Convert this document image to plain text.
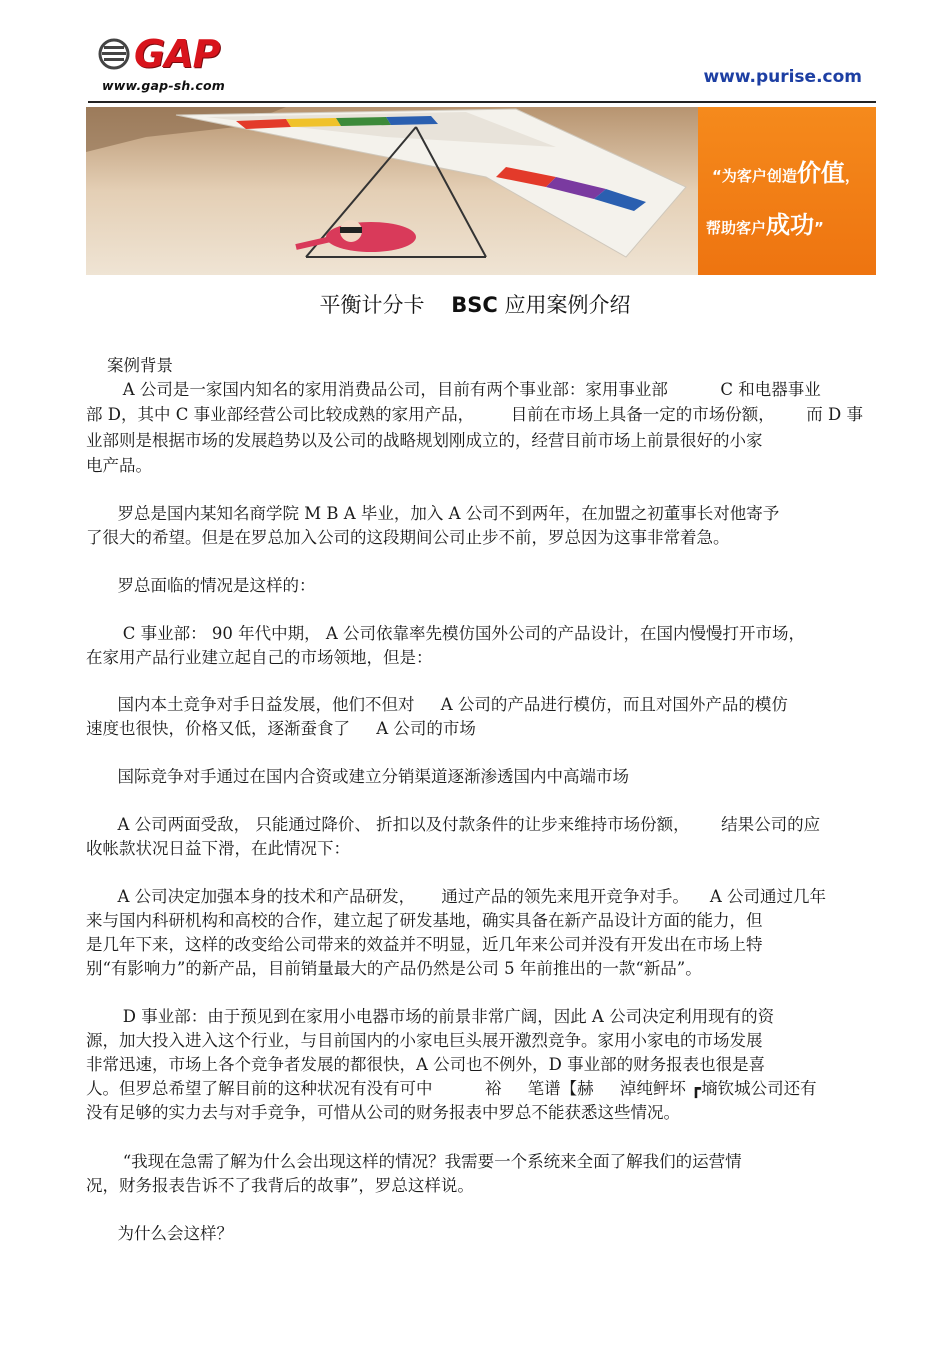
GAP
www.gap-sh.com	www.purise.com
“为客户创造价值，
帮助客户成功”
平衡计分卡    BSC 应用案例介绍
案例背景
A 公司是一家国内知名的家用消费品公司，目前有两个事业部：家用事业部          C 和电器事业
部 D，其中 C 事业部经营公司比较成熟的家用产品，       目前在市场上具备一定的市场份额，      而 D 事
业部则是根据市场的发展趋势以及公司的战略规划刚成立的，经营目前市场上前景很好的小家
电产品。
罗总是国内某知名商学院 M B A 毕业，加入 A 公司不到两年，在加盟之初董事长对他寄予
了很大的希望。但是在罗总加入公司的这段期间公司止步不前，罗总因为这事非常着急。
罗总面临的情况是这样的：
C 事业部： 90 年代中期， A 公司依靠率先模仿国外公司的产品设计，在国内慢慢打开市场，
在家用产品行业建立起自己的市场领地，但是：
国内本土竞争对手日益发展，他们不但对     A 公司的产品进行模仿，而且对国外产品的模仿
速度也很快，价格又低，逐渐蚕食了     A 公司的市场
国际竞争对手通过在国内合资或建立分销渠道逐渐渗透国内中高端市场
A 公司两面受敌， 只能通过降价、 折扣以及付款条件的让步来维持市场份额，      结果公司的应
收帐款状况日益下滑，在此情况下：
A 公司决定加强本身的技术和产品研发，     通过产品的领先来甩开竞争对手。    A 公司通过几年
来与国内科研机构和高校的合作，建立起了研发基地，确实具备在新产品设计方面的能力，但
是几年下来，这样的改变给公司带来的效益并不明显，近几年来公司并没有开发出在市场上特
别“有影响力”的新产品，目前销量最大的产品仍然是公司 5 年前推出的一款“新品”。
D 事业部：由于预见到在家用小电器市场的前景非常广阔，因此 A 公司决定利用现有的资
源，加大投入进入这个行业，与目前国内的小家电巨头展开激烈竞争。家用小家电的市场发展
非常迅速，市场上各个竞争者发展的都很快，A 公司也不例外，D 事业部的财务报表也很是喜
人。但罗总希望了解目前的这种状况有没有可中          裕     笔谱【赫     淖纯鲆坏 ┏墒钦城公司还有
没有足够的实力去与对手竞争，可惜从公司的财务报表中罗总不能获悉这些情况。
“我现在急需了解为什么会出现这样的情况？我需要一个系统来全面了解我们的运营情
况，财务报表告诉不了我背后的故事”，罗总这样说。
为什么会这样？
